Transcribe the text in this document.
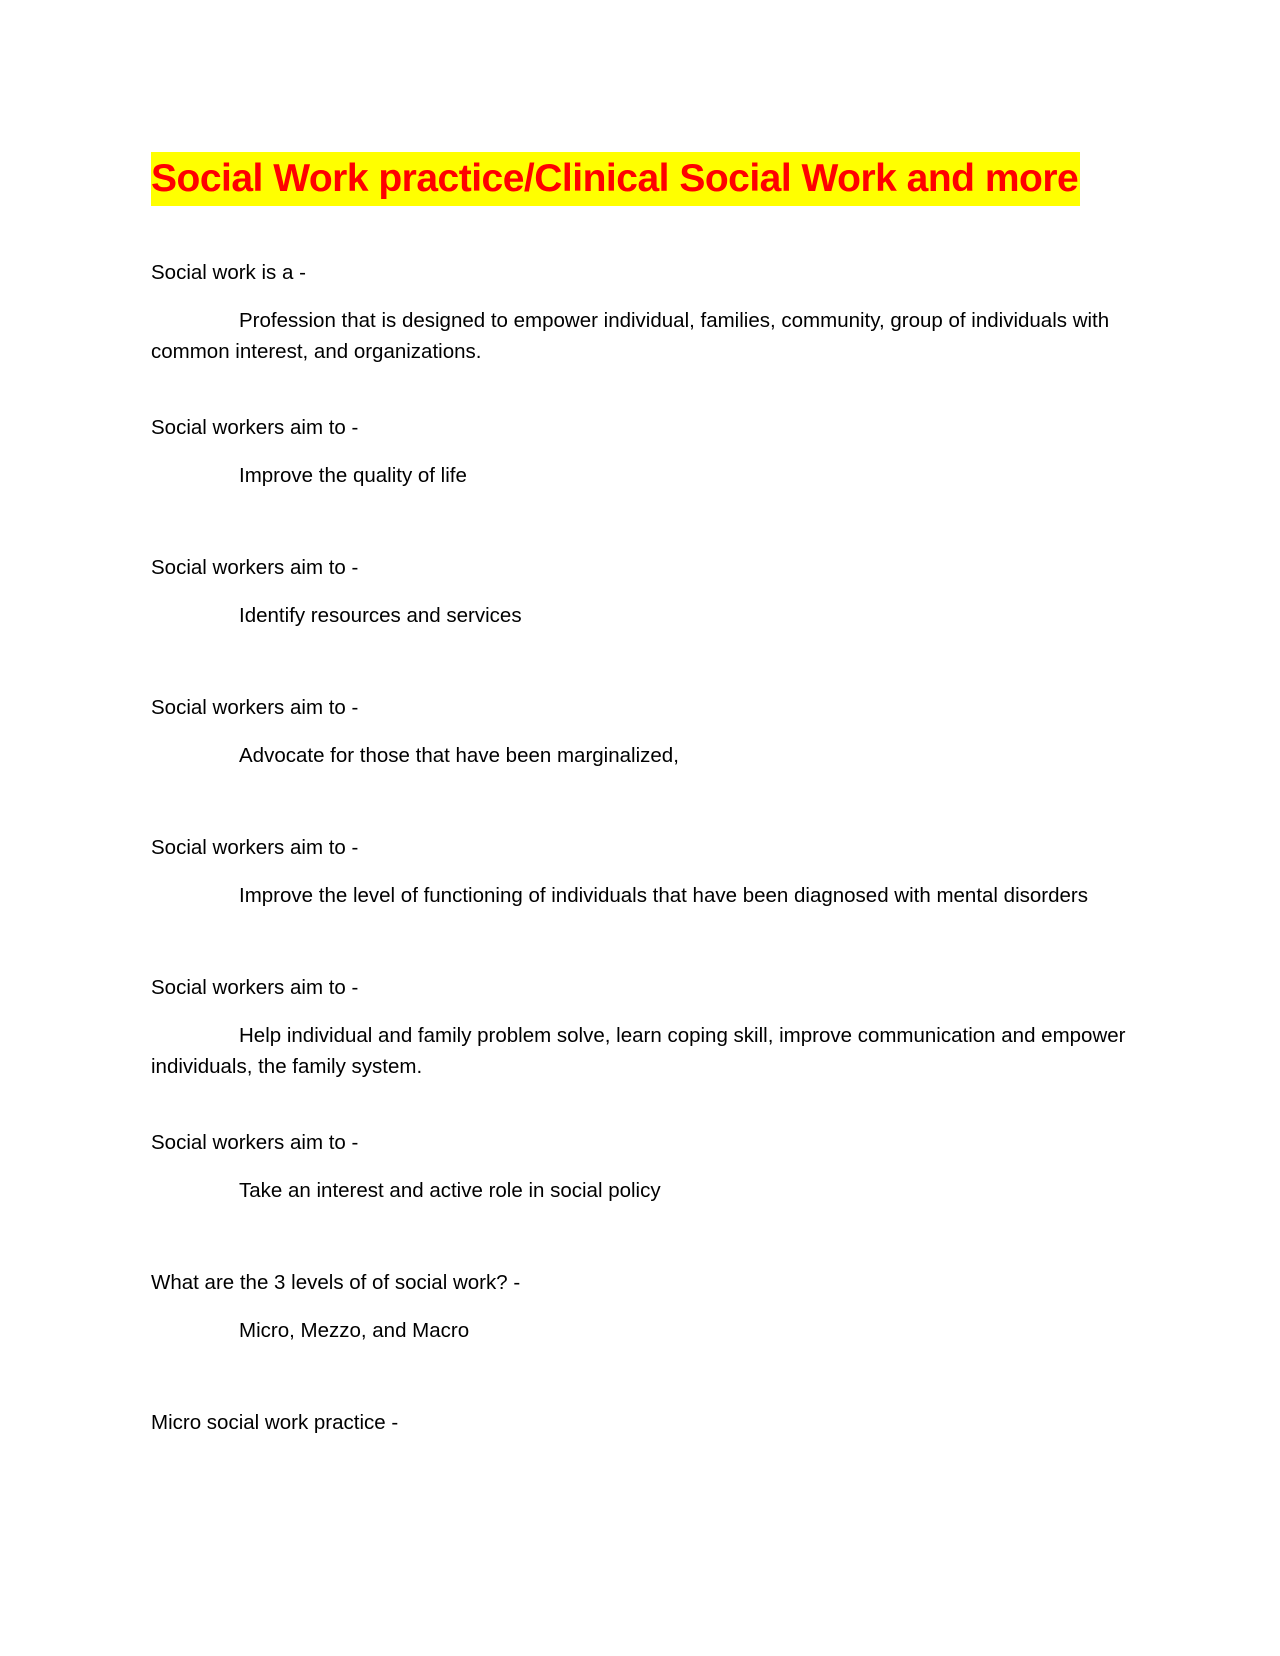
Social Work practice/Clinical Social Work and more

Social work is a -

Profession that is designed to empower individual, families, community, group of individuals with common interest, and organizations.

Social workers aim to -

Improve the quality of life

Social workers aim to -

Identify resources and services

Social workers aim to -

Advocate for those that have been marginalized,

Social workers aim to -

Improve the level of functioning of individuals that have been diagnosed with mental disorders

Social workers aim to -

Help individual and family problem solve, learn coping skill, improve communication and empower individuals, the family system.

Social workers aim to -

Take an interest and active role in social policy

What are the 3 levels of of social work? -

Micro, Mezzo, and Macro

Micro social work practice -
